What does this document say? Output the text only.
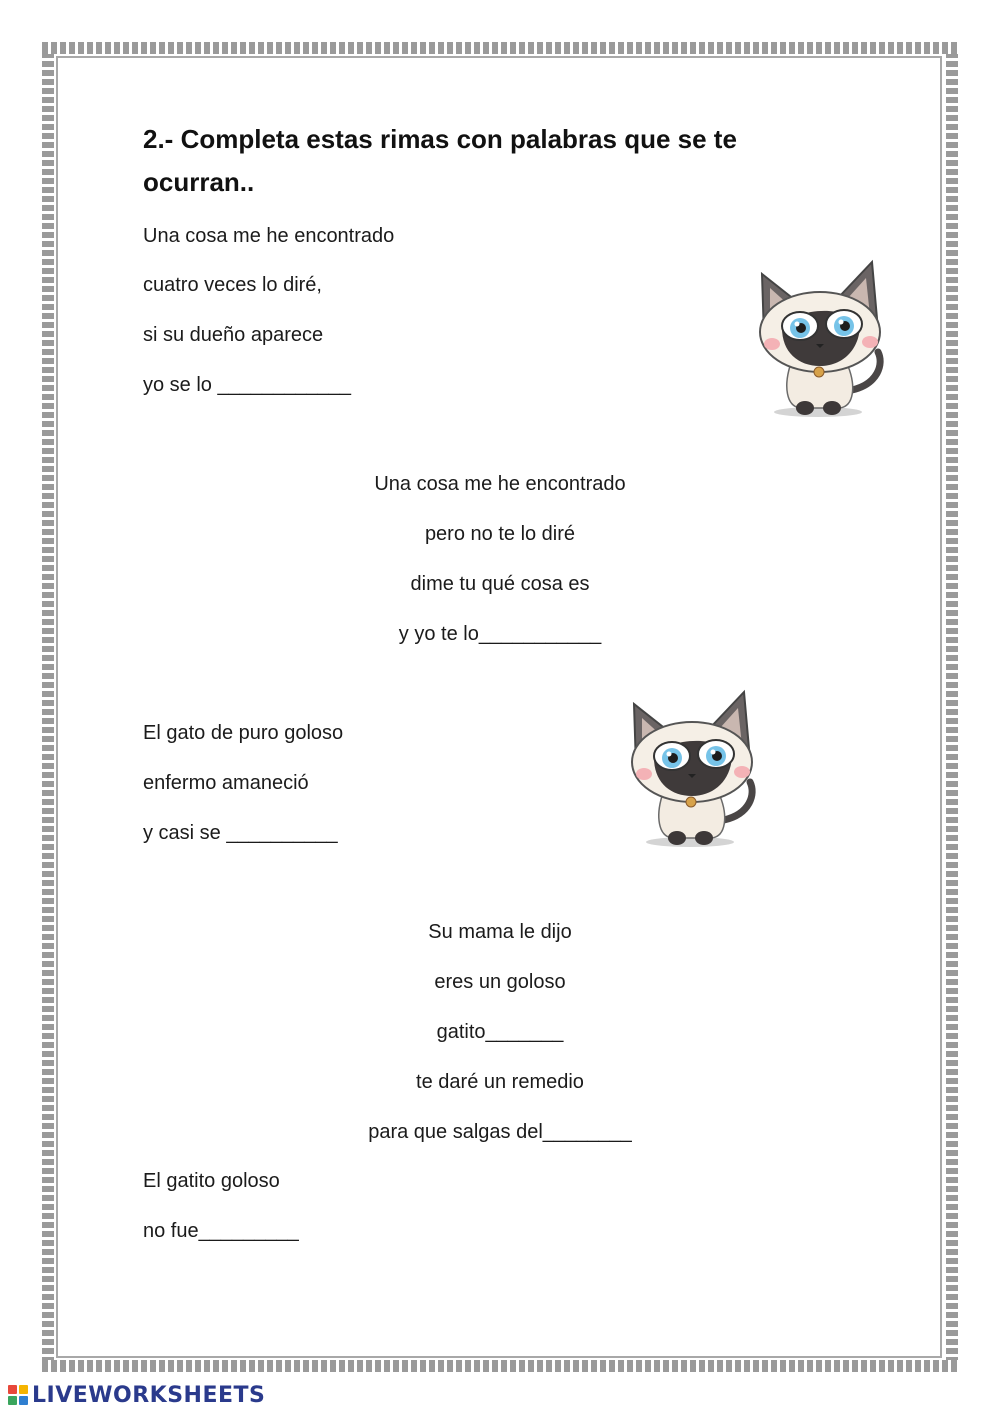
2.- Completa estas rimas con palabras que se te ocurran..
Una cosa me he encontrado
cuatro veces lo diré,
si su dueño aparece
yo se lo ____________
Una cosa me he encontrado
pero no te lo diré
dime tu qué cosa es
y yo te lo___________
El gato de puro goloso
enfermo amaneció
y casi se __________
Su mama le dijo
eres un goloso
gatito_______
te daré un remedio
para que salgas del________
El gatito goloso
no fue_________
LIVEWORKSHEETS
